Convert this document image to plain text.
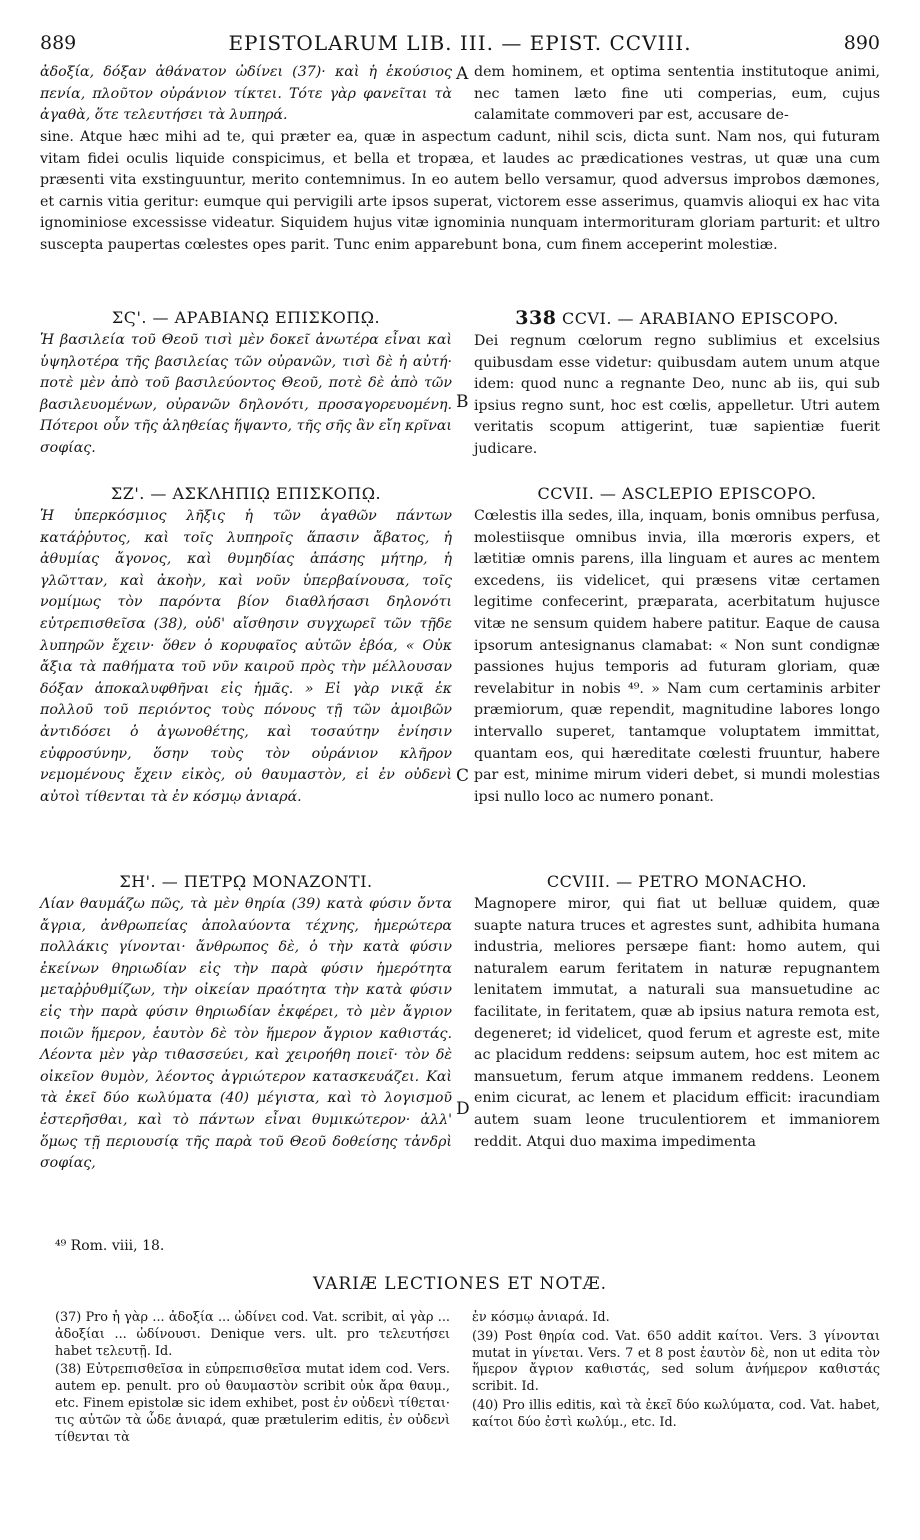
889	EPISTOLARUM LIB. III. — EPIST. CCVIII.	890

ἀδοξία, δόξαν ἀθάνατον ὠδίνει (37)· καὶ ἡ ἑκούσιος πενία, πλοῦτον οὐράνιον τίκτει. Τότε γὰρ φανεῖται τὰ ἀγαθὰ, ὅτε τελευτήσει τὰ λυπηρά.

A dem hominem, et optima sententia institutoque animi, nec tamen læto fine uti comperias, eum, cujus calamitate commoveri par est, accusare de-

sine. Atque hæc mihi ad te, qui præter ea, quæ in aspectum cadunt, nihil scis, dicta sunt. Nam nos, qui futuram vitam fidei oculis liquide conspicimus, et bella et tropæa, et laudes ac prædicationes vestras, ut quæ una cum præsenti vita exstinguuntur, merito contemnimus. In eo autem bello versamur, quod adversus improbos dæmones, et carnis vitia geritur: eumque qui pervigili arte ipsos superat, victorem esse asserimus, quamvis alioqui ex hac vita ignominiose excessisse videatur. Siquidem hujus vitæ ignominia nunquam intermorituram gloriam parturit: et ultro suscepta paupertas cœlestes opes parit. Tunc enim apparebunt bona, cum finem acceperint molestiæ.

ΣϚ'. — ΑΡΑΒΙΑΝῼ ΕΠΙΣΚΟΠῼ.

Ἡ βασιλεία τοῦ Θεοῦ τισὶ μὲν δοκεῖ ἀνωτέρα εἶναι καὶ ὑψηλοτέρα τῆς βασιλείας τῶν οὐρανῶν, τισὶ δὲ ἡ αὐτή· ποτὲ μὲν ἀπὸ τοῦ βασιλεύοντος Θεοῦ, ποτὲ δὲ ἀπὸ τῶν βασιλευομένων, οὐρανῶν δηλονότι, προσαγορευομένη. Πότεροι οὖν τῆς ἀληθείας ἥψαντο, τῆς σῆς ἂν εἴη κρῖναι σοφίας.

B
338 CCVI. — ARABIANO EPISCOPO.

Dei regnum cœlorum regno sublimius et excelsius quibusdam esse videtur: quibusdam autem unum atque idem: quod nunc a regnante Deo, nunc ab iis, qui sub ipsius regno sunt, hoc est cœlis, appelletur. Utri autem veritatis scopum attigerint, tuæ sapientiæ fuerit judicare.

ΣΖ'. — ΑΣΚΛΗΠΙῼ ΕΠΙΣΚΟΠῼ.

Ἡ ὑπερκόσμιος λῆξις ἡ τῶν ἀγαθῶν πάντων κατάῤῥυτος, καὶ τοῖς λυπηροῖς ἅπασιν ἄβατος, ἡ ἀθυμίας ἄγονος, καὶ θυμηδίας ἁπάσης μήτηρ, ἡ γλῶτταν, καὶ ἀκοὴν, καὶ νοῦν ὑπερβαίνουσα, τοῖς νομίμως τὸν παρόντα βίον διαθλήσασι δηλονότι εὐτρεπισθεῖσα (38), οὐδ' αἴσθησιν συγχωρεῖ τῶν τῇδε λυπηρῶν ἔχειν· ὅθεν ὁ κορυφαῖος αὐτῶν ἐβόα, « Οὐκ ἄξια τὰ παθήματα τοῦ νῦν καιροῦ πρὸς τὴν μέλλουσαν δόξαν ἀποκαλυφθῆναι εἰς ἡμᾶς. » Εἰ γὰρ νικᾷ ἐκ πολλοῦ τοῦ περιόντος τοὺς πόνους τῇ τῶν ἀμοιβῶν ἀντιδόσει ὁ ἀγωνοθέτης, καὶ τοσαύτην ἐνίησιν εὐφροσύνην, ὅσην τοὺς τὸν οὐράνιον κλῆρον νεμομένους ἔχειν εἰκὸς, οὐ θαυμαστὸν, εἰ ἐν οὐδενὶ αὐτοὶ τίθενται τὰ ἐν κόσμῳ ἀνιαρά.

C
CCVII. — ASCLEPIO EPISCOPO.

Cœlestis illa sedes, illa, inquam, bonis omnibus perfusa, molestiisque omnibus invia, illa mœroris expers, et lætitiæ omnis parens, illa linguam et aures ac mentem excedens, iis videlicet, qui præsens vitæ certamen legitime confecerint, præparata, acerbitatum hujusce vitæ ne sensum quidem habere patitur. Eaque de causa ipsorum antesignanus clamabat: « Non sunt condignæ passiones hujus temporis ad futuram gloriam, quæ revelabitur in nobis ⁴⁹. » Nam cum certaminis arbiter præmiorum, quæ rependit, magnitudine labores longo intervallo superet, tantamque voluptatem immittat, quantam eos, qui hæreditate cœlesti fruuntur, habere par est, minime mirum videri debet, si mundi molestias ipsi nullo loco ac numero ponant.

ΣΗ'. — ΠΕΤΡῼ ΜΟΝΑΖΟΝΤΙ.

Λίαν θαυμάζω πῶς, τὰ μὲν θηρία (39) κατὰ φύσιν ὄντα ἄγρια, ἀνθρωπείας ἀπολαύοντα τέχνης, ἡμερώτερα πολλάκις γίνονται· ἄνθρωπος δὲ, ὁ τὴν κατὰ φύσιν ἐκείνων θηριωδίαν εἰς τὴν παρὰ φύσιν ἡμερότητα μεταῤῥυθμίζων, τὴν οἰκείαν πραότητα τὴν κατὰ φύσιν εἰς τὴν παρὰ φύσιν θηριωδίαν ἐκφέρει, τὸ μὲν ἄγριον ποιῶν ἥμερον, ἑαυτὸν δὲ τὸν ἥμερον ἄγριον καθιστάς. Λέοντα μὲν γὰρ τιθασσεύει, καὶ χειροήθη ποιεῖ· τὸν δὲ οἰκεῖον θυμὸν, λέοντος ἀγριώτερον κατασκευάζει. Καὶ τὰ ἐκεῖ δύο κωλύματα (40) μέγιστα, καὶ τὸ λογισμοῦ ἐστερῆσθαι, καὶ τὸ πάντων εἶναι θυμικώτερον· ἀλλ' ὅμως τῇ περιουσίᾳ τῆς παρὰ τοῦ Θεοῦ δοθείσης τἀνδρὶ σοφίας,

D
CCVIII. — PETRO MONACHO.

Magnopere miror, qui fiat ut belluæ quidem, quæ suapte natura truces et agrestes sunt, adhibita humana industria, meliores persæpe fiant: homo autem, qui naturalem earum feritatem in naturæ repugnantem lenitatem immutat, a naturali sua mansuetudine ac facilitate, in feritatem, quæ ab ipsius natura remota est, degeneret; id videlicet, quod ferum et agreste est, mite ac placidum reddens: seipsum autem, hoc est mitem ac mansuetum, ferum atque immanem reddens. Leonem enim cicurat, ac lenem et placidum efficit: iracundiam autem suam leone truculentiorem et immaniorem reddit. Atqui duo maxima impedimenta

⁴⁹ Rom. viii, 18.
VARIÆ LECTIONES ET NOTÆ.

(37) Pro ἡ γὰρ ... ἀδοξία ... ὠδίνει cod. Vat. scribit, αἱ γὰρ ... ἀδοξίαι ... ὠδίνουσι. Denique vers. ult. pro τελευτήσει habet τελευτῇ. Id.

(38) Εὐτρεπισθεῖσα in εὐπρεπισθεῖσα mutat idem cod. Vers. autem ep. penult. pro οὐ θαυμαστὸν scribit οὐκ ἄρα θαυμ., etc. Finem epistolæ sic idem exhibet, post ἐν οὐδενὶ τίθεται· τις αὐτῶν τὰ ὧδε ἀνιαρά, quæ prætulerim editis, ἐν οὐδενὶ τίθενται τὰ

ἐν κόσμῳ ἀνιαρά. Id.

(39) Post θηρία cod. Vat. 650 addit καίτοι. Vers. 3 γίνονται mutat in γίνεται. Vers. 7 et 8 post ἑαυτὸν δὲ, non ut edita τὸν ἥμερον ἄγριον καθιστάς, sed solum ἀνήμερον καθιστάς scribit. Id.

(40) Pro illis editis, καὶ τὰ ἐκεῖ δύο κωλύματα, cod. Vat. habet, καίτοι δύο ἐστὶ κωλύμ., etc. Id.
